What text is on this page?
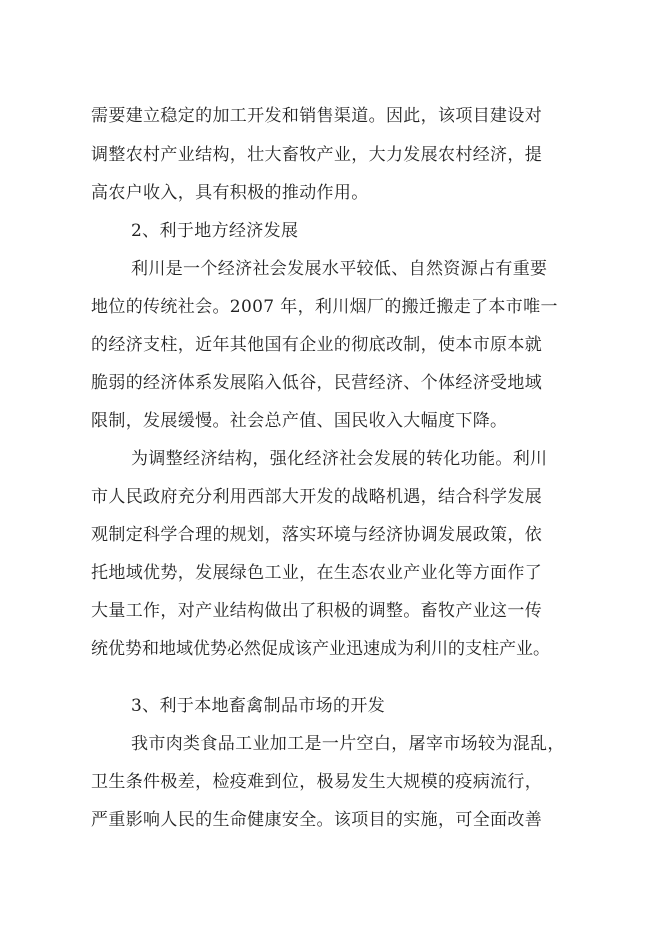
需要建立稳定的加工开发和销售渠道。因此，该项目建设对

调整农村产业结构，壮大畜牧产业，大力发展农村经济，提

高农户收入，具有积极的推动作用。

2、利于地方经济发展

利川是一个经济社会发展水平较低、自然资源占有重要

地位的传统社会。2007 年，利川烟厂的搬迁搬走了本市唯一

的经济支柱，近年其他国有企业的彻底改制，使本市原本就

脆弱的经济体系发展陷入低谷，民营经济、个体经济受地域

限制，发展缓慢。社会总产值、国民收入大幅度下降。

为调整经济结构，强化经济社会发展的转化功能。利川

市人民政府充分利用西部大开发的战略机遇，结合科学发展

观制定科学合理的规划，落实环境与经济协调发展政策，依

托地域优势，发展绿色工业，在生态农业产业化等方面作了

大量工作，对产业结构做出了积极的调整。畜牧产业这一传

统优势和地域优势必然促成该产业迅速成为利川的支柱产业。

3、利于本地畜禽制品市场的开发

我市肉类食品工业加工是一片空白，屠宰市场较为混乱，

卫生条件极差，检疫难到位，极易发生大规模的疫病流行，

严重影响人民的生命健康安全。该项目的实施，可全面改善
